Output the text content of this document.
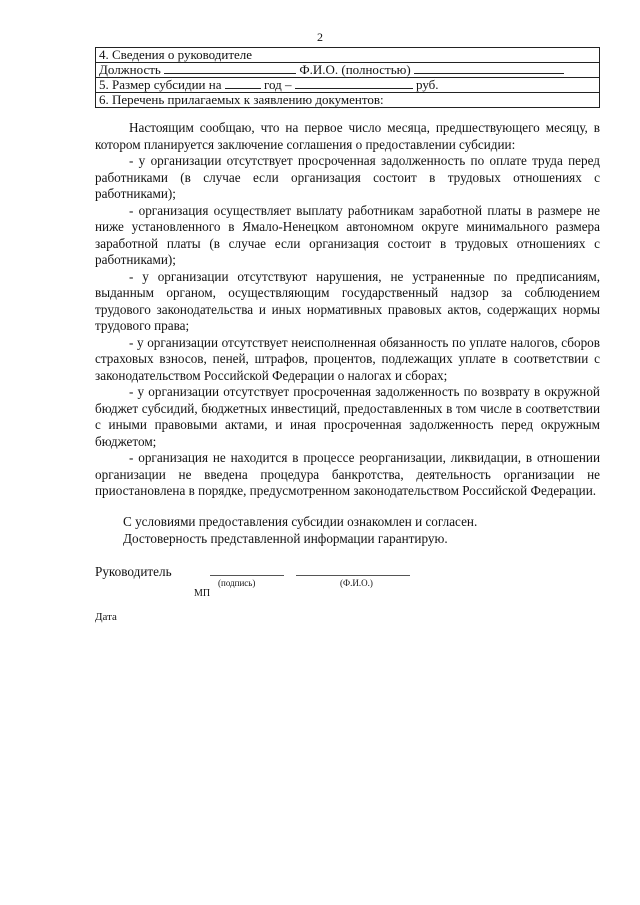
2
4. Сведения о руководителе
Должность	Ф.И.О. (полностью)
5. Размер субсидии на	год –	руб.
6. Перечень прилагаемых к заявлению документов:

Настоящим сообщаю, что на первое число месяца, предшествующего месяцу, в котором планируется заключение соглашения о предоставлении субсидии:

- у организации отсутствует просроченная задолженность по оплате труда перед работниками (в случае если организация состоит в трудовых отношениях с работниками);

- организация осуществляет выплату работникам заработной платы в размере не ниже установленного в Ямало-Ненецком автономном округе минимального размера заработной платы (в случае если организация состоит в трудовых отношениях с работниками);

- у организации отсутствуют нарушения, не устраненные по предписаниям, выданным органом, осуществляющим государственный надзор за соблюдением трудового законодательства и иных нормативных правовых актов, содержащих нормы трудового права;

- у организации отсутствует неисполненная обязанность по уплате налогов, сборов страховых взносов, пеней, штрафов, процентов, подлежащих уплате в соответствии с законодательством Российской Федерации о налогах и сборах;

- у организации отсутствует просроченная задолженность по возврату в окружной бюджет субсидий, бюджетных инвестиций, предоставленных в том числе в соответствии с иными правовыми актами, и иная просроченная задолженность перед окружным бюджетом;

- организация не находится в процессе реорганизации, ликвидации, в отношении организации не введена процедура банкротства, деятельность организации не приостановлена в порядке, предусмотренном законодательством Российской Федерации.

С условиями предоставления субсидии ознакомлен и согласен.

Достоверность представленной информации гарантирую.

Руководитель
(подпись)	(Ф.И.О.)
МП
Дата
